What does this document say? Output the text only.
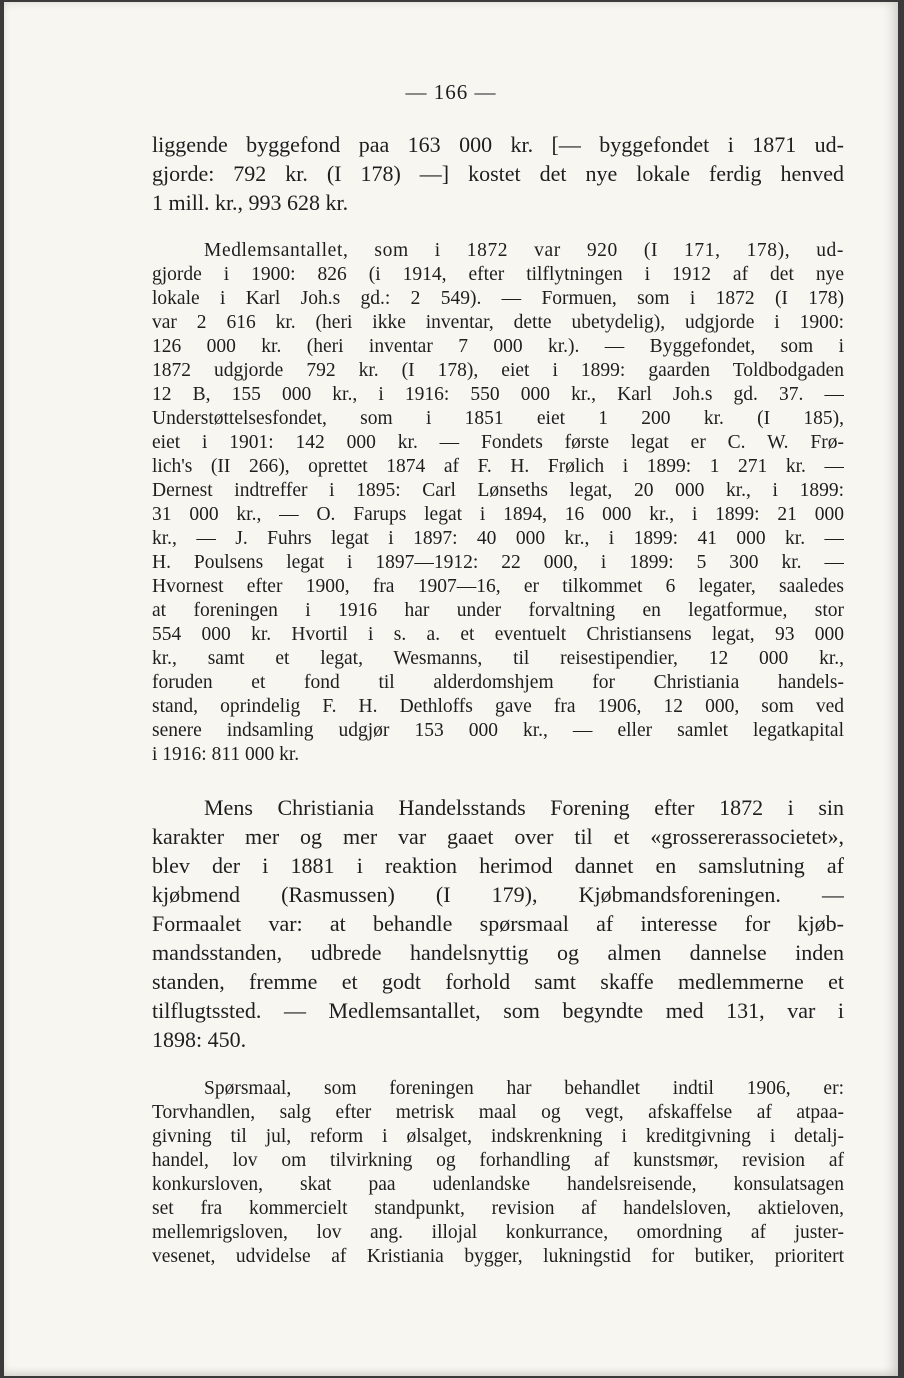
— 166 —
liggende byggefond paa 163 000 kr. [— byggefondet i 1871 ud-
gjorde: 792 kr. (I 178) —] kostet det nye lokale ferdig henved
1 mill. kr., 993 628 kr.
Medlemsantallet, som i 1872 var 920 (I 171, 178), ud-
gjorde i 1900: 826 (i 1914, efter tilflytningen i 1912 af det nye
lokale i Karl Joh.s gd.: 2 549). — Formuen, som i 1872 (I 178)
var 2 616 kr. (heri ikke inventar, dette ubetydelig), udgjorde i 1900:
126 000 kr. (heri inventar 7 000 kr.). — Byggefondet, som i
1872 udgjorde 792 kr. (I 178), eiet i 1899: gaarden Toldbodgaden
12 B, 155 000 kr., i 1916: 550 000 kr., Karl Joh.s gd. 37. —
Understøttelsesfondet, som i 1851 eiet 1 200 kr. (I 185),
eiet i 1901: 142 000 kr. — Fondets første legat er C. W. Frø-
lich's (II 266), oprettet 1874 af F. H. Frølich i 1899: 1 271 kr. —
Dernest indtreffer i 1895: Carl Lønseths legat, 20 000 kr., i 1899:
31 000 kr., — O. Farups legat i 1894, 16 000 kr., i 1899: 21 000
kr., — J. Fuhrs legat i 1897: 40 000 kr., i 1899: 41 000 kr. —
H. Poulsens legat i 1897—1912: 22 000, i 1899: 5 300 kr. —
Hvornest efter 1900, fra 1907—16, er tilkommet 6 legater, saaledes
at foreningen i 1916 har under forvaltning en legatformue, stor
554 000 kr. Hvortil i s. a. et eventuelt Christiansens legat, 93 000
kr., samt et legat, Wesmanns, til reisestipendier, 12 000 kr.,
foruden et fond til alderdomshjem for Christiania handels-
stand, oprindelig F. H. Dethloffs gave fra 1906, 12 000, som ved
senere indsamling udgjør 153 000 kr., — eller samlet legatkapital
i 1916: 811 000 kr.
Mens Christiania Handelsstands Forening efter 1872 i sin
karakter mer og mer var gaaet over til et «grossererassocietet»,
blev der i 1881 i reaktion herimod dannet en samslutning af
kjøbmend (Rasmussen) (I 179), Kjøbmandsforeningen. —
Formaalet var: at behandle spørsmaal af interesse for kjøb-
mandsstanden, udbrede handelsnyttig og almen dannelse inden
standen, fremme et godt forhold samt skaffe medlemmerne et
tilflugtssted. — Medlemsantallet, som begyndte med 131, var i
1898: 450.
Spørsmaal, som foreningen har behandlet indtil 1906, er:
Torvhandlen, salg efter metrisk maal og vegt, afskaffelse af atpaa-
givning til jul, reform i ølsalget, indskrenkning i kreditgivning i detalj-
handel, lov om tilvirkning og forhandling af kunstsmør, revision af
konkursloven, skat paa udenlandske handelsreisende, konsulatsagen
set fra kommercielt standpunkt, revision af handelsloven, aktieloven,
mellemrigsloven, lov ang. illojal konkurrance, omordning af juster-
vesenet, udvidelse af Kristiania bygger, lukningstid for butiker, prioritert
